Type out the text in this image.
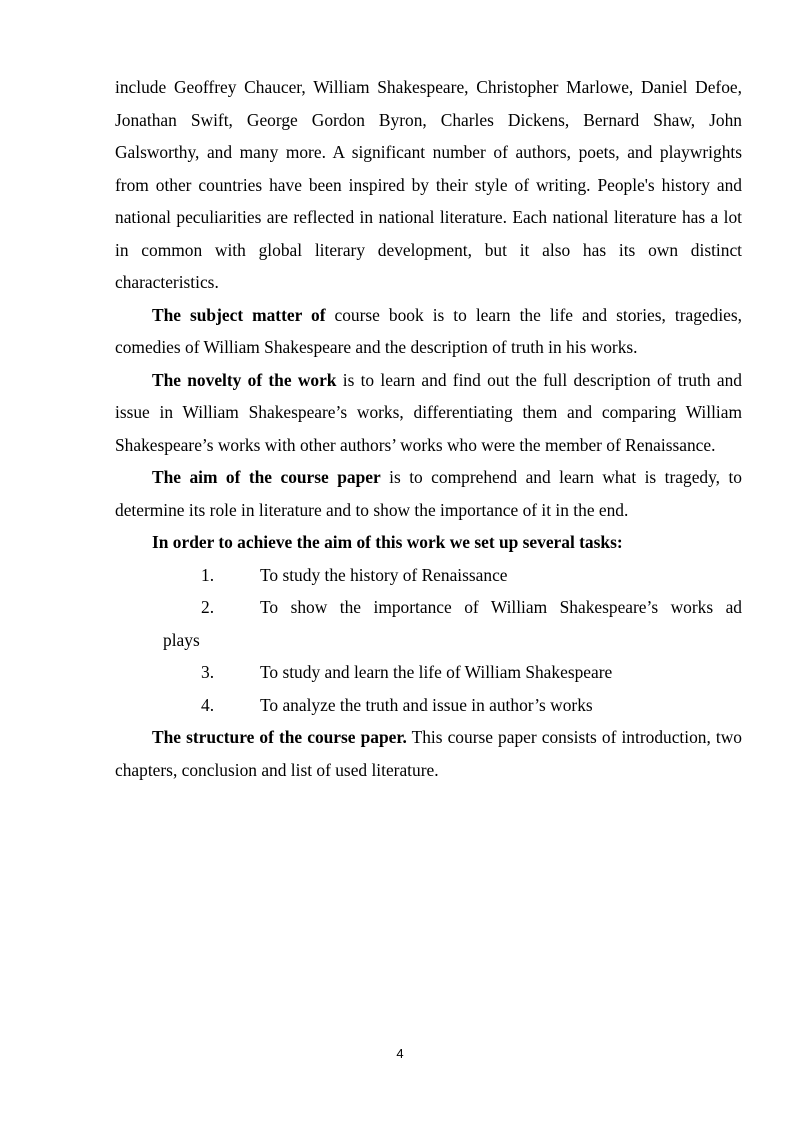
include Geoffrey Chaucer, William Shakespeare, Christopher Marlowe, Daniel Defoe, Jonathan Swift, George Gordon Byron, Charles Dickens, Bernard Shaw, John Galsworthy, and many more. A significant number of authors, poets, and playwrights from other countries have been inspired by their style of writing. People's history and national peculiarities are reflected in national literature. Each national literature has a lot in common with global literary development, but it also has its own distinct characteristics.

The subject matter of course book is to learn the life and stories, tragedies, comedies of William Shakespeare and the description of truth in his works.

The novelty of the work is to learn and find out the full description of truth and issue in William Shakespeare’s works, differentiating them and comparing William Shakespeare’s works with other authors’ works who were the member of Renaissance.

The aim of the course paper is to comprehend and learn what is tragedy, to determine its role in literature and to show the importance of it in the end.

In order to achieve the aim of this work we set up several tasks:

1.	To study the history of Renaissance
2.	To show the importance of William Shakespeare’s works ad
plays
3.	To study and learn the life of William Shakespeare
4.	To analyze the truth and issue in author’s works

The structure of the course paper. This course paper consists of introduction, two chapters, conclusion and list of used literature.

4
